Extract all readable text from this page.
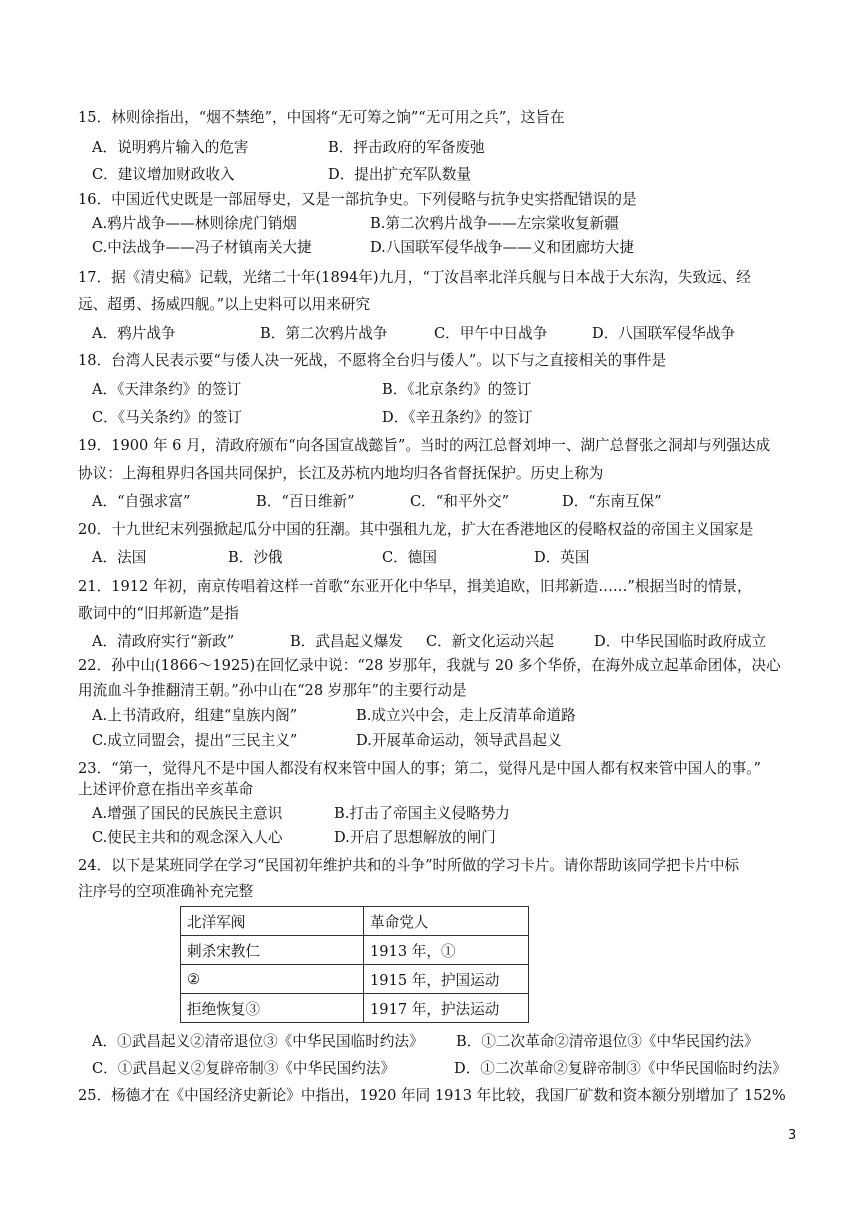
15．林则徐指出，“烟不禁绝”，中国将“无可筹之饷”“无可用之兵”，这旨在
A．说明鸦片输入的危害	B．抨击政府的军备废弛
C．建议增加财政收入	D．提出扩充军队数量
16．中国近代史既是一部屈辱史，又是一部抗争史。下列侵略与抗争史实搭配错误的是
A.鸦片战争——林则徐虎门销烟	B.第二次鸦片战争——左宗棠收复新疆
C.中法战争——冯子材镇南关大捷	D.八国联军侵华战争——义和团廊坊大捷
17．据《清史稿》记载，光绪二十年(1894年)九月，“丁汝昌率北洋兵舰与日本战于大东沟，失致远、经
远、超勇、扬威四舰。”以上史料可以用来研究
A．鸦片战争	B．第二次鸦片战争	C．甲午中日战争	D．八国联军侵华战争
18．台湾人民表示要“与倭人决一死战，不愿将全台归与倭人”。以下与之直接相关的事件是
A．《天津条约》的签订	B．《北京条约》的签订
C．《马关条约》的签订	D．《辛丑条约》的签订
19．1900 年 6 月，清政府颁布“向各国宣战懿旨”。当时的两江总督刘坤一、湖广总督张之洞却与列强达成
协议：上海租界归各国共同保护，长江及苏杭内地均归各省督抚保护。历史上称为
A．“自强求富”	B．“百日维新”	C．“和平外交”	D．“东南互保”
20．十九世纪末列强掀起瓜分中国的狂潮。其中强租九龙，扩大在香港地区的侵略权益的帝国主义国家是
A．法国	B．沙俄	C．德国	D．英国
21．1912 年初，南京传唱着这样一首歌“东亚开化中华早，揖美追欧，旧邦新造……”根据当时的情景，
歌词中的“旧邦新造”是指
A．清政府实行“新政”	B．武昌起义爆发 C．新文化运动兴起	D．中华民国临时政府成立
22．孙中山(1866～1925)在回忆录中说：“28 岁那年，我就与 20 多个华侨，在海外成立起革命团体，决心
用流血斗争推翻清王朝。”孙中山在“28 岁那年”的主要行动是
A.上书清政府，组建“皇族内阁”	B.成立兴中会，走上反清革命道路
C.成立同盟会，提出“三民主义”	D.开展革命运动，领导武昌起义
23．“第一，觉得凡不是中国人都没有权来管中国人的事；第二，觉得凡是中国人都有权来管中国人的事。”
上述评价意在指出辛亥革命
A.增强了国民的民族民主意识	B.打击了帝国主义侵略势力
C.使民主共和的观念深入人心	D.开启了思想解放的闸门
24．以下是某班同学在学习“民国初年维护共和的斗争”时所做的学习卡片。请你帮助该同学把卡片中标
注序号的空项准确补充完整
北洋军阀	革命党人
刺杀宋教仁	1913 年，①
②	1915 年，护国运动
拒绝恢复③	1917 年，护法运动
A．①武昌起义②清帝退位③《中华民国临时约法》 B．①二次革命②清帝退位③《中华民国约法》
C．①武昌起义②复辟帝制③《中华民国约法》	D．①二次革命②复辟帝制③《中华民国临时约法》
25．杨德才在《中国经济史新论》中指出，1920 年同 1913 年比较，我国厂矿数和资本额分别增加了 152%
3
